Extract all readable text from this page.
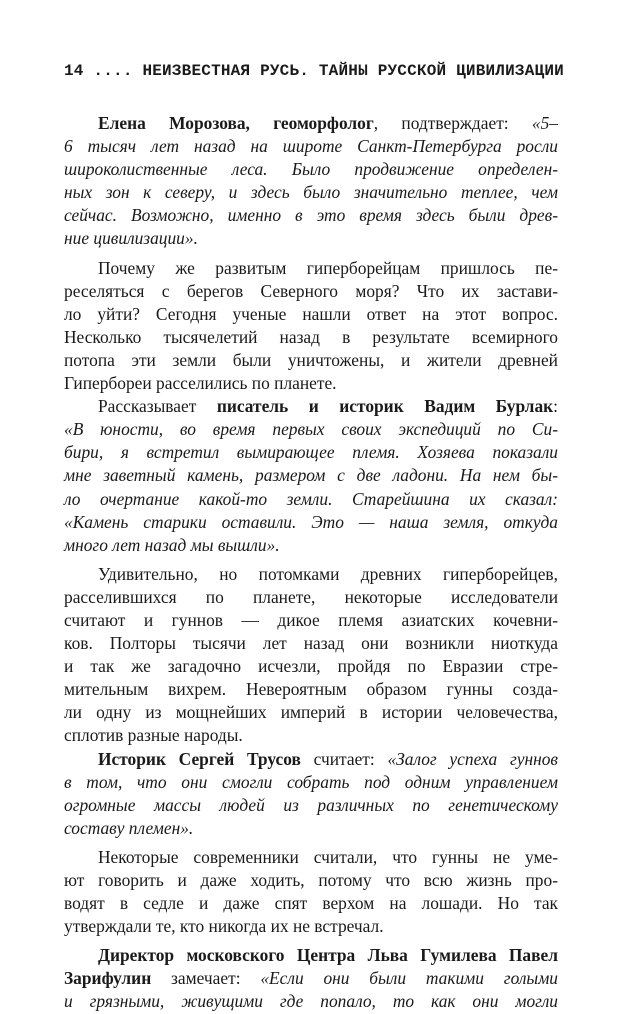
14 .... НЕИЗВЕСТНАЯ РУСЬ. ТАЙНЫ РУССКОЙ ЦИВИЛИЗАЦИИ
Елена Морозова, геоморфолог, подтверждает: «5–
6 тысяч лет назад на широте Санкт-Петербурга росли
широколиственные леса. Было продвижение определен-
ных зон к северу, и здесь было значительно теплее, чем
сейчас. Возможно, именно в это время здесь были древ-
ние цивилизации».
Почему же развитым гиперборейцам пришлось пе-
реселяться с берегов Северного моря? Что их застави-
ло уйти? Сегодня ученые нашли ответ на этот вопрос.
Несколько тысячелетий назад в результате всемирного
потопа эти земли были уничтожены, и жители древней
Гипербореи расселились по планете.
Рассказывает писатель и историк Вадим Бурлак:
«В юности, во время первых своих экспедиций по Си-
бири, я встретил вымирающее племя. Хозяева показали
мне заветный камень, размером с две ладони. На нем бы-
ло очертание какой-то земли. Старейшина их сказал:
«Камень старики оставили. Это — наша земля, откуда
много лет назад мы вышли».
Удивительно, но потомками древних гиперборейцев,
расселившихся по планете, некоторые исследователи
считают и гуннов — дикое племя азиатских кочевни-
ков. Полторы тысячи лет назад они возникли ниоткуда
и так же загадочно исчезли, пройдя по Евразии стре-
мительным вихрем. Невероятным образом гунны созда-
ли одну из мощнейших империй в истории человечества,
сплотив разные народы.
Историк Сергей Трусов считает: «Залог успеха гуннов
в том, что они смогли собрать под одним управлением
огромные массы людей из различных по генетическому
составу племен».
Некоторые современники считали, что гунны не уме-
ют говорить и даже ходить, потому что всю жизнь про-
водят в седле и даже спят верхом на лошади. Но так
утверждали те, кто никогда их не встречал.
Директор московского Центра Льва Гумилева Павел
Зарифулин замечает: «Если они были такими голыми
и грязными, живущими где попало, то как они могли
